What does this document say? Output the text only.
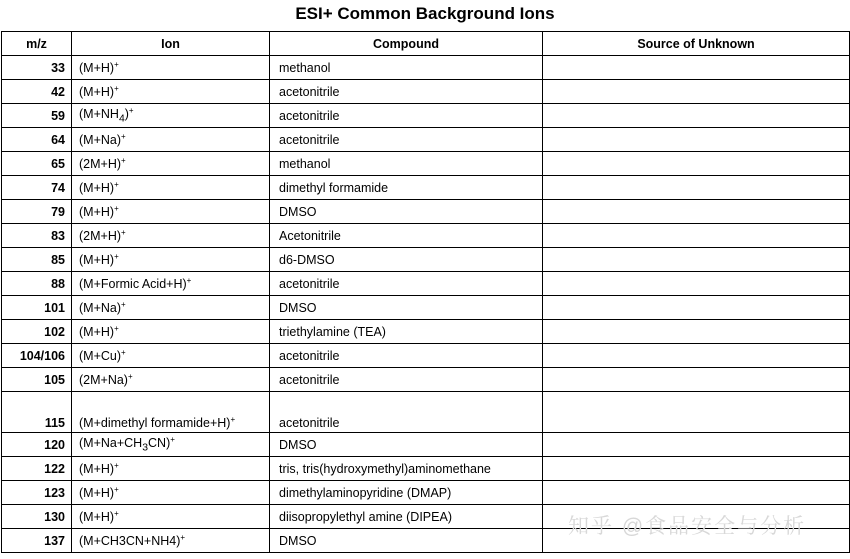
ESI+ Common Background Ions
m/z	Ion	Compound	Source of Unknown
33	(M+H)+	methanol	
42	(M+H)+	acetonitrile	
59	$(M+NH_4)^+$	acetonitrile	
64	(M+Na)+	acetonitrile	
65	(2M+H)+	methanol	
74	(M+H)+	dimethyl formamide	
79	(M+H)+	DMSO	
83	(2M+H)+	Acetonitrile	
85	(M+H)+	d6-DMSO	
88	(M+Formic Acid+H)+	acetonitrile	
101	(M+Na)+	DMSO	
102	(M+H)+	triethylamine (TEA)	
104/106	(M+Cu)+	acetonitrile	
105	(2M+Na)+	acetonitrile	
115	(M+dimethyl formamide+H)+	acetonitrile	
120	$(M+Na+CH_3CN)^+$	DMSO	
122	(M+H)+	tris, tris(hydroxymethyl)aminomethane	
123	(M+H)+	dimethylaminopyridine (DMAP)	
130	(M+H)+	diisopropylethyl amine (DIPEA)	
137	(M+CH3CN+NH4)+	DMSO	
知乎 @食品安全与分析
